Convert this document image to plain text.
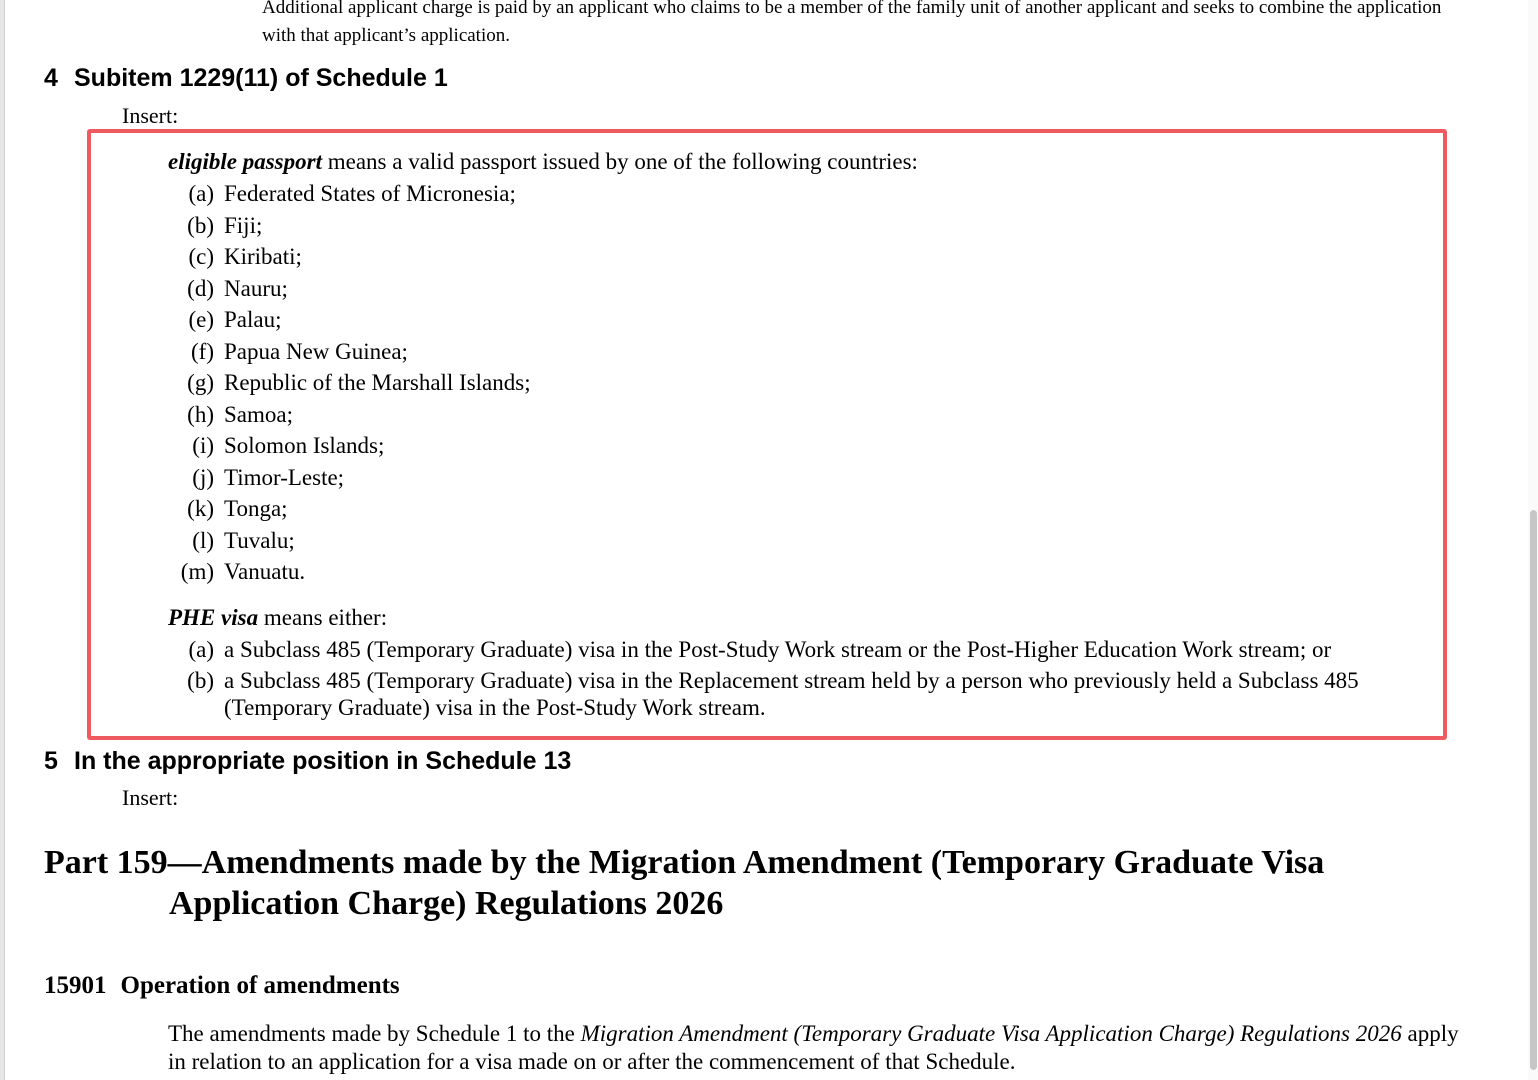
Additional applicant charge is paid by an applicant who claims to be a member of the family unit of another applicant and seeks to combine the application
with that applicant’s application.
4 Subitem 1229(11) of Schedule 1
Insert:
eligible passport means a valid passport issued by one of the following countries:
(a) Federated States of Micronesia;
(b) Fiji;
(c) Kiribati;
(d) Nauru;
(e) Palau;
(f) Papua New Guinea;
(g) Republic of the Marshall Islands;
(h) Samoa;
(i) Solomon Islands;
(j) Timor-Leste;
(k) Tonga;
(l) Tuvalu;
(m) Vanuatu.
PHE visa means either:
(a) a Subclass 485 (Temporary Graduate) visa in the Post-Study Work stream or the Post-Higher Education Work stream; or
(b) a Subclass 485 (Temporary Graduate) visa in the Replacement stream held by a person who previously held a Subclass 485 (Temporary Graduate) visa in the Post-Study Work stream.
5 In the appropriate position in Schedule 13
Insert:
Part 159—Amendments made by the Migration Amendment (Temporary Graduate Visa
Application Charge) Regulations 2026
15901 Operation of amendments
The amendments made by Schedule 1 to the Migration Amendment (Temporary Graduate Visa Application Charge) Regulations 2026 apply in relation to an application for a visa made on or after the commencement of that Schedule.
